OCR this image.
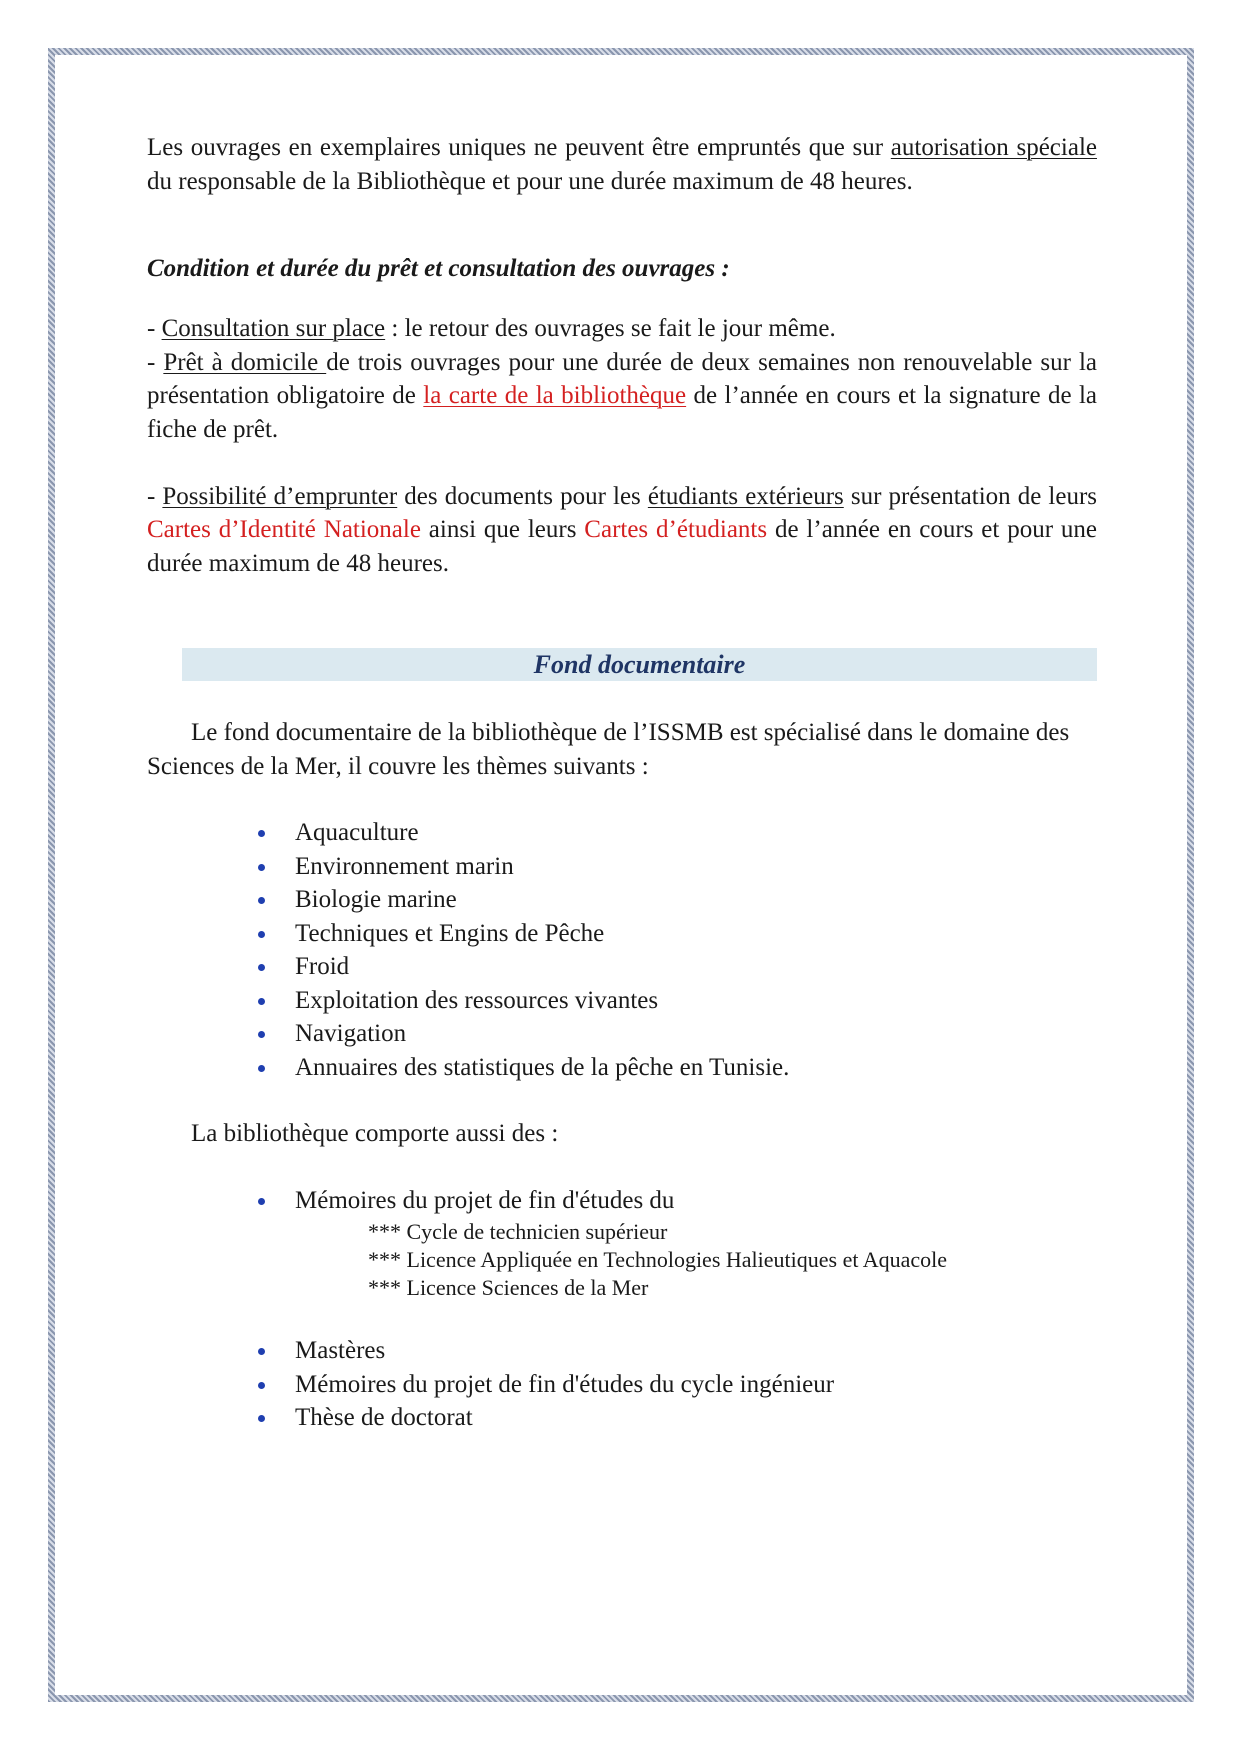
Les ouvrages en exemplaires uniques ne peuvent être empruntés que sur autorisation spéciale du responsable de la Bibliothèque et pour une durée maximum de 48 heures.

Condition et durée du prêt et consultation des ouvrages :

- Consultation sur place : le retour des ouvrages se fait le jour même.

- Prêt à domicile de trois ouvrages pour une durée de deux semaines non renouvelable sur la présentation obligatoire de la carte de la bibliothèque de l’année en cours et la signature de la fiche de prêt.

- Possibilité d’emprunter des documents pour les étudiants extérieurs sur présentation de leurs Cartes d’Identité Nationale ainsi que leurs Cartes d’étudiants de l’année en cours et pour une durée maximum de 48 heures.

Fond documentaire

Le fond documentaire de la bibliothèque de l’ISSMB est spécialisé dans le domaine des Sciences de la Mer, il couvre les thèmes suivants :

Aquaculture
Environnement marin
Biologie marine
Techniques et Engins de Pêche
Froid
Exploitation des ressources vivantes
Navigation
Annuaires des statistiques de la pêche en Tunisie.

La bibliothèque comporte aussi des :

Mémoires du projet de fin d'études du
*** Cycle de technicien supérieur
*** Licence Appliquée en Technologies Halieutiques et Aquacole
*** Licence Sciences de la Mer
Mastères
Mémoires du projet de fin d'études du cycle ingénieur
Thèse de doctorat
